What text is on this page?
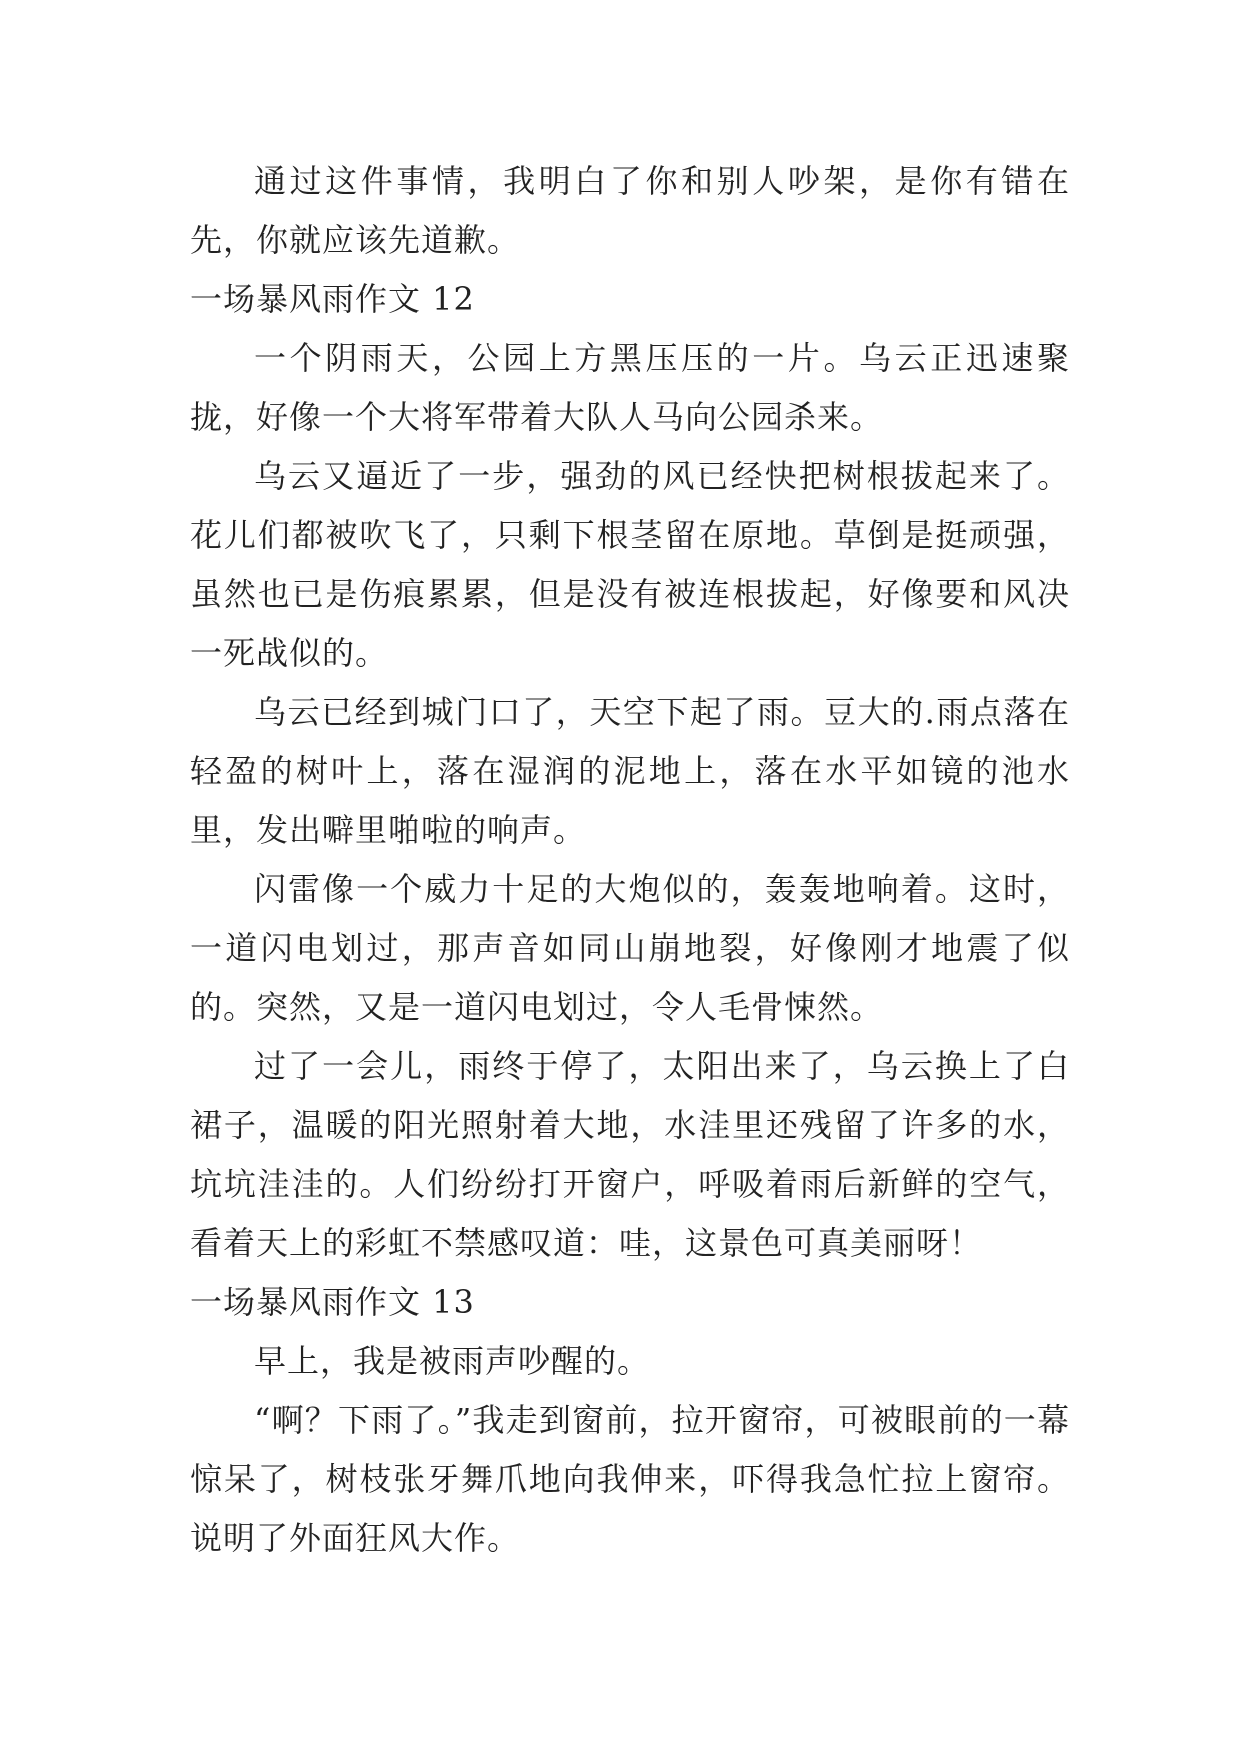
通过这件事情，我明白了你和别人吵架，是你有错在先，你就应该先道歉。

一场暴风雨作文 12

一个阴雨天，公园上方黑压压的一片。乌云正迅速聚拢，好像一个大将军带着大队人马向公园杀来。

乌云又逼近了一步，强劲的风已经快把树根拔起来了。花儿们都被吹飞了，只剩下根茎留在原地。草倒是挺顽强，虽然也已是伤痕累累，但是没有被连根拔起，好像要和风决一死战似的。

乌云已经到城门口了，天空下起了雨。豆大的.雨点落在轻盈的树叶上，落在湿润的泥地上，落在水平如镜的池水里，发出噼里啪啦的响声。

闪雷像一个威力十足的大炮似的，轰轰地响着。这时，一道闪电划过，那声音如同山崩地裂，好像刚才地震了似的。突然，又是一道闪电划过，令人毛骨悚然。

过了一会儿，雨终于停了，太阳出来了，乌云换上了白裙子，温暖的阳光照射着大地，水洼里还残留了许多的水，坑坑洼洼的。人们纷纷打开窗户，呼吸着雨后新鲜的空气，看着天上的彩虹不禁感叹道：哇，这景色可真美丽呀！

一场暴风雨作文 13

早上，我是被雨声吵醒的。

“啊？下雨了。”我走到窗前，拉开窗帘，可被眼前的一幕惊呆了，树枝张牙舞爪地向我伸来，吓得我急忙拉上窗帘。说明了外面狂风大作。
